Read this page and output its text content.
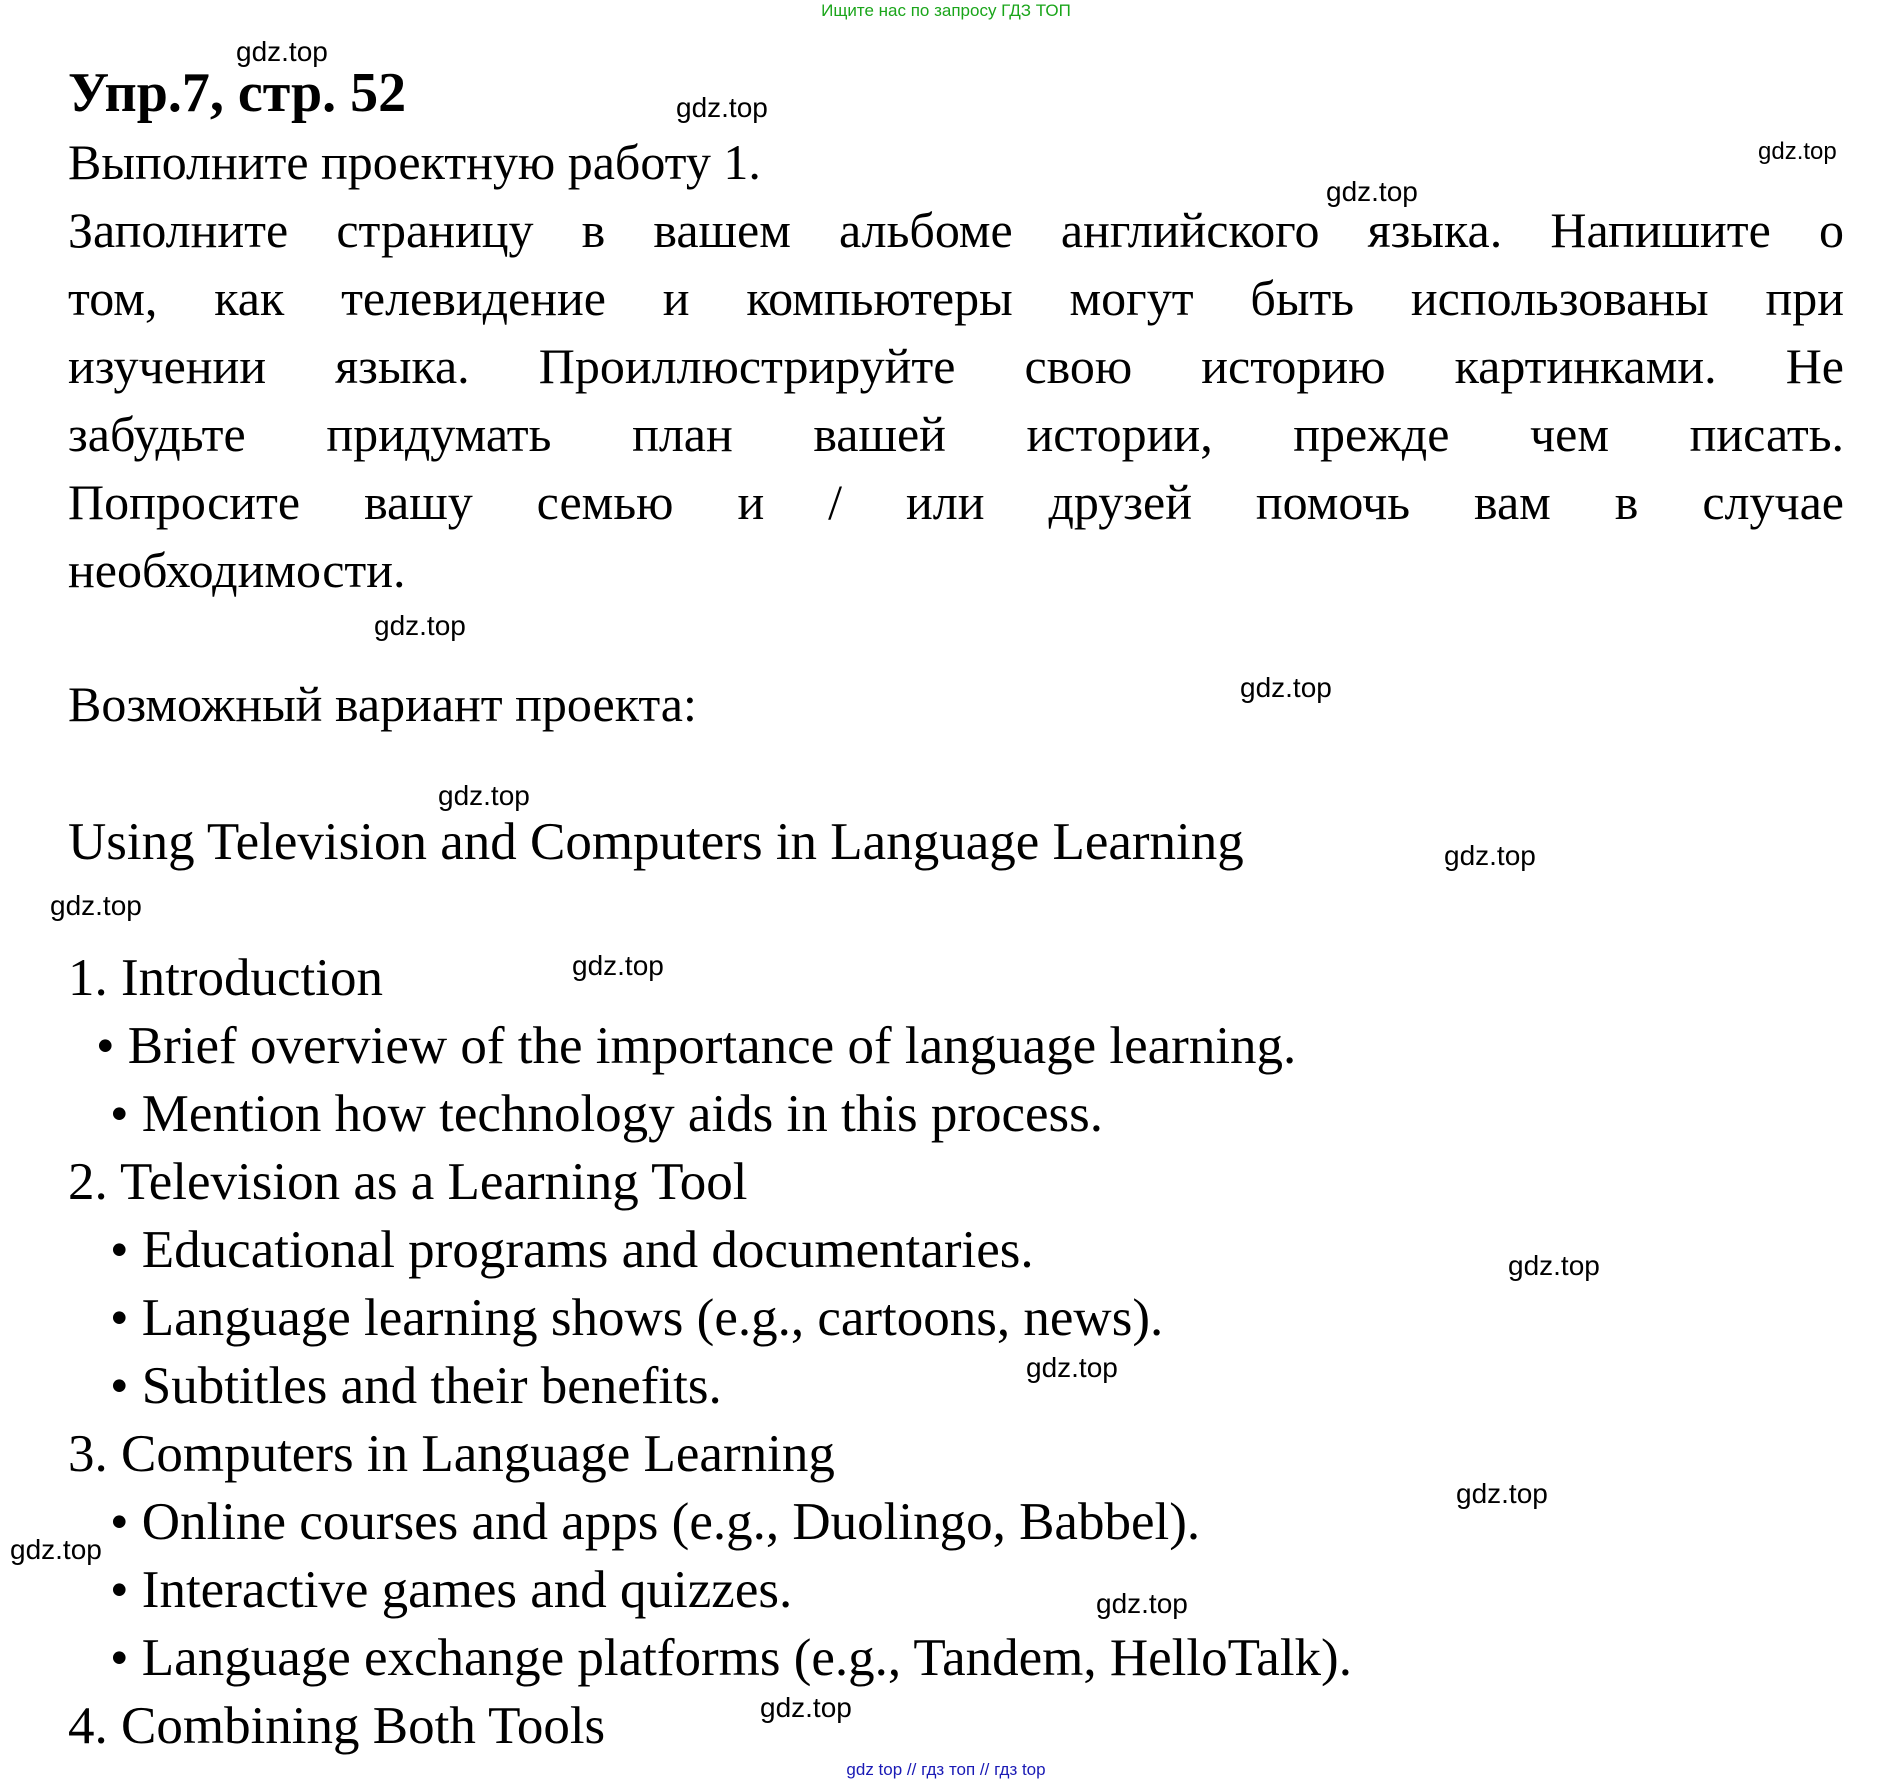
Ищите нас по запросу ГДЗ ТОП
Упр.7, стр. 52
Выполните проектную работу 1.
Заполните страницу в вашем альбоме английского языка. Напишите о
том, как телевидение и компьютеры могут быть использованы при
изучении языка. Проиллюстрируйте свою историю картинками. Не
забудьте придумать план вашей истории, прежде чем писать.
Попросите вашу семью и / или друзей помочь вам в случае
необходимости.
Возможный вариант проекта:
Using Television and Computers in Language Learning
1. Introduction
• Brief overview of the importance of language learning.
• Mention how technology aids in this process.
2. Television as a Learning Tool
• Educational programs and documentaries.
• Language learning shows (e.g., cartoons, news).
• Subtitles and their benefits.
3. Computers in Language Learning
• Online courses and apps (e.g., Duolingo, Babbel).
• Interactive games and quizzes.
• Language exchange platforms (e.g., Tandem, HelloTalk).
4. Combining Both Tools
gdz.top
gdz.top
gdz.top
gdz.top
gdz.top
gdz.top
gdz.top
gdz.top
gdz.top
gdz.top
gdz.top
gdz.top
gdz.top
gdz.top
gdz.top
gdz.top
gdz top // гдз топ // гдз top
